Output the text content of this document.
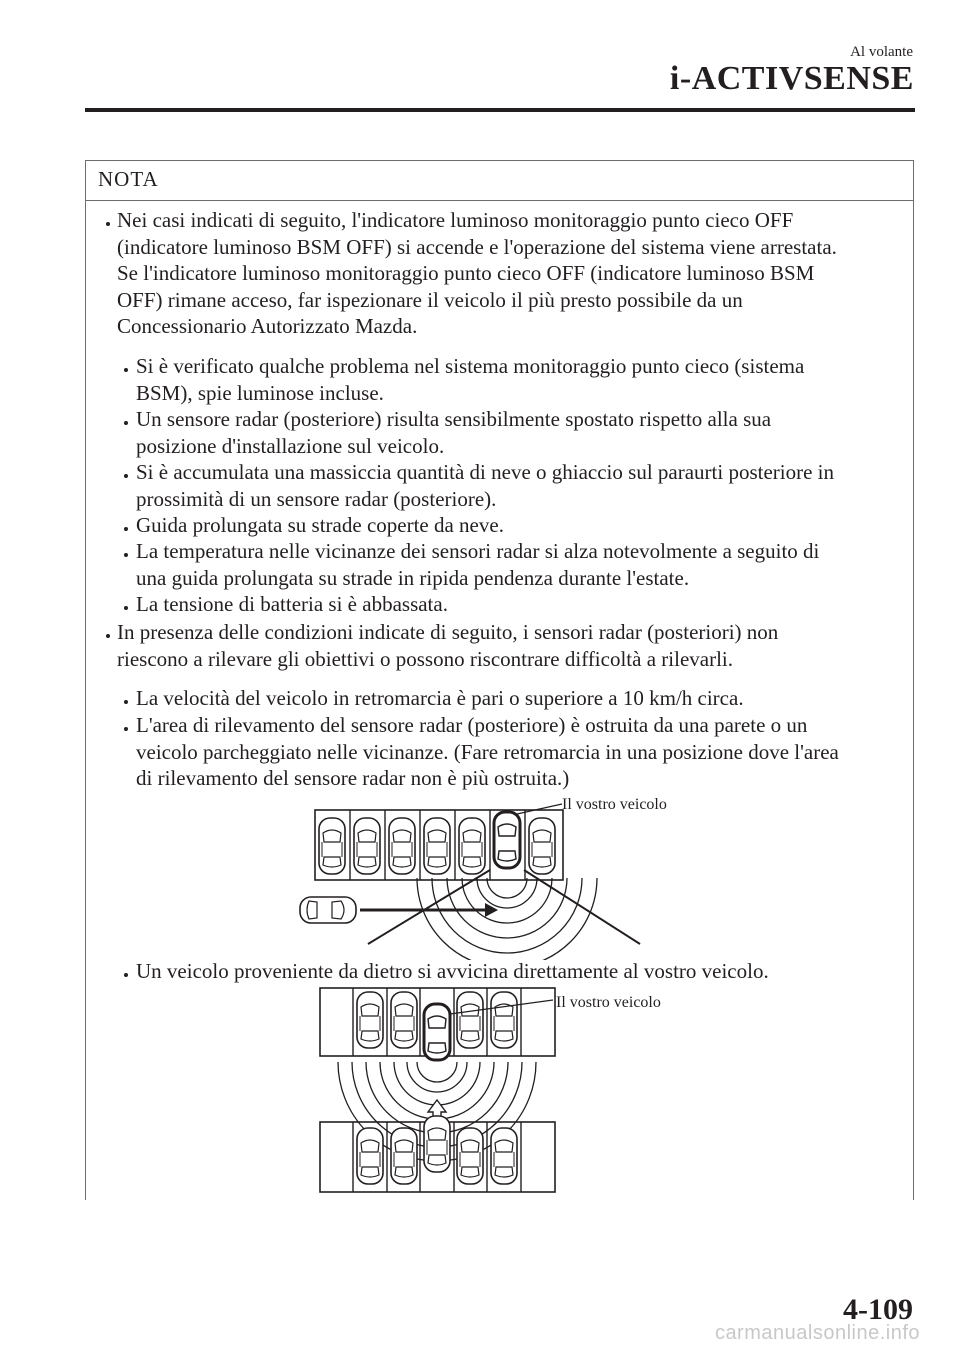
Al volante
i-ACTIVSENSE
NOTA
Nei casi indicati di seguito, l'indicatore luminoso monitoraggio punto cieco OFF
(indicatore luminoso BSM OFF) si accende e l'operazione del sistema viene arrestata.
Se l'indicatore luminoso monitoraggio punto cieco OFF (indicatore luminoso BSM
OFF) rimane acceso, far ispezionare il veicolo il più presto possibile da un
Concessionario Autorizzato Mazda.
Si è verificato qualche problema nel sistema monitoraggio punto cieco (sistema
BSM), spie luminose incluse.
Un sensore radar (posteriore) risulta sensibilmente spostato rispetto alla sua
posizione d'installazione sul veicolo.
Si è accumulata una massiccia quantità di neve o ghiaccio sul paraurti posteriore in
prossimità di un sensore radar (posteriore).
Guida prolungata su strade coperte da neve.
La temperatura nelle vicinanze dei sensori radar si alza notevolmente a seguito di
una guida prolungata su strade in ripida pendenza durante l'estate.
La tensione di batteria si è abbassata.
In presenza delle condizioni indicate di seguito, i sensori radar (posteriori) non
riescono a rilevare gli obiettivi o possono riscontrare difficoltà a rilevarli.
La velocità del veicolo in retromarcia è pari o superiore a 10 km/h circa.
L'area di rilevamento del sensore radar (posteriore) è ostruita da una parete o un
veicolo parcheggiato nelle vicinanze. (Fare retromarcia in una posizione dove l'area
di rilevamento del sensore radar non è più ostruita.)
Il vostro veicolo
Un veicolo proveniente da dietro si avvicina direttamente al vostro veicolo.
Il vostro veicolo
4-109
carmanualsonline.info
